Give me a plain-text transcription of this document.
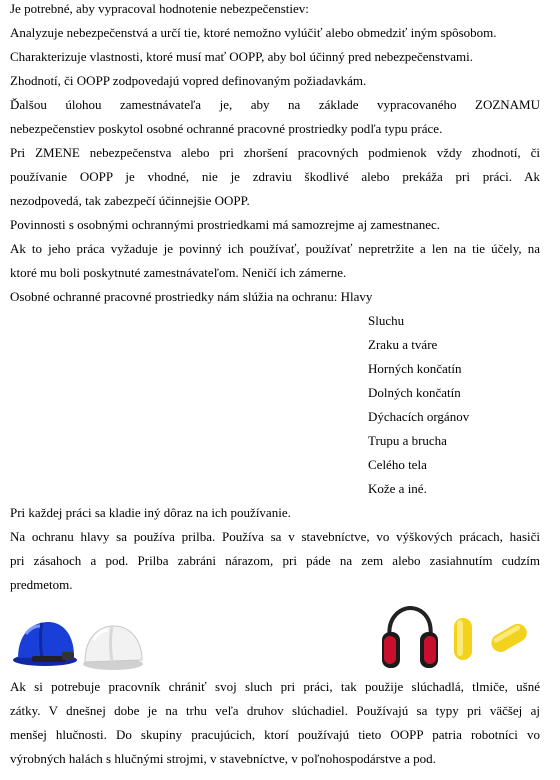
Je potrebné, aby vypracoval hodnotenie nebezpečenstiev:
Analyzuje nebezpečenstvá a určí tie, ktoré nemožno vylúčiť alebo obmedziť iným spôsobom.
Charakterizuje vlastnosti, ktoré musí mať OOPP, aby bol účinný pred nebezpečenstvami.
Zhodnotí, či OOPP zodpovedajú vopred definovaným požiadavkám.
Ďalšou úlohou zamestnávateľa je, aby na základe vypracovaného ZOZNAMU
nebezpečenstiev poskytol osobné ochranné pracovné prostriedky podľa typu práce.
Pri ZMENE nebezpečenstva alebo pri zhoršení pracovných podmienok vždy zhodnotí, či
používanie OOPP je vhodné, nie je zdraviu škodlivé alebo prekáža pri práci. Ak
nezodpovedá, tak zabezpečí účinnejšie OOPP.
Povinnosti s osobnými ochrannými prostriedkami má samozrejme aj zamestnanec.
Ak to jeho práca vyžaduje je povinný ich používať, používať nepretržite a len na tie účely, na
ktoré mu boli poskytnuté zamestnávateľom. Neničí ich zámerne.
Osobné ochranné pracovné prostriedky nám slúžia na ochranu: Hlavy
Sluchu
Zraku a tváre
Horných končatín
Dolných končatín
Dýchacích orgánov
Trupu a brucha
Celého tela
Kože a iné.
Pri každej práci sa kladie iný dôraz na ich používanie.
Na ochranu hlavy sa používa prilba. Používa sa v stavebníctve, vo výškových prácach, hasiči
pri zásahoch a pod. Prilba zabráni nárazom, pri páde na zem alebo zasiahnutím cudzím
predmetom.
Ak si potrebuje pracovník chrániť svoj sluch pri práci, tak použije slúchadlá, tlmiče, ušné
zátky. V dnešnej dobe je na trhu veľa druhov slúchadiel. Používajú sa typy pri väčšej aj
menšej hlučnosti. Do skupiny pracujúcich, ktorí používajú tieto OOPP patria robotníci vo
výrobných halách s hlučnými strojmi, v stavebníctve, v poľnohospodárstve a pod.
